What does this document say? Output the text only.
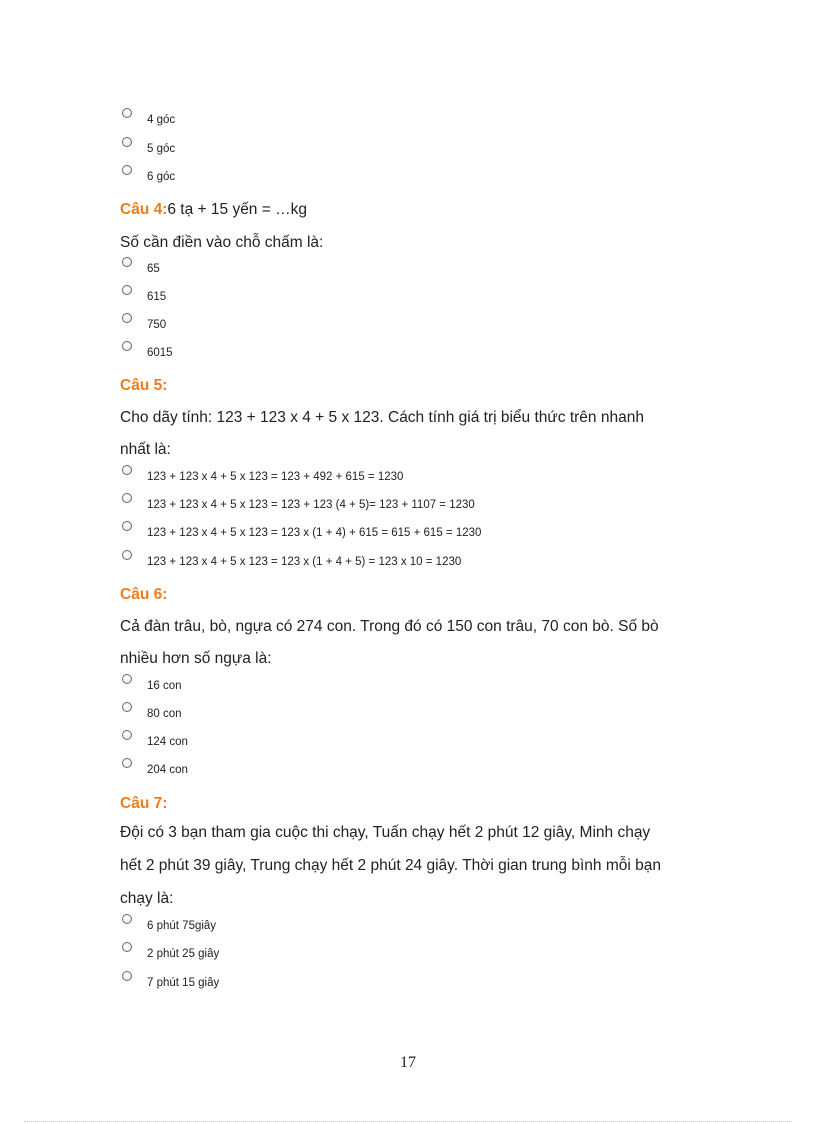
4 góc
5 góc
6 góc
Câu 4:6 tạ + 15 yến = …kg
Số cần điền vào chỗ chấm là:
65
615
750
6015
Câu 5:
Cho dãy tính: 123 + 123 x 4 + 5 x 123. Cách tính giá trị biểu thức trên nhanh
nhất là:
123 + 123 x 4 + 5 x 123 = 123 + 492 + 615 = 1230
123 + 123 x 4 + 5 x 123 = 123 + 123 (4 + 5)= 123 + 1107 = 1230
123 + 123 x 4 + 5 x 123 = 123 x (1 + 4) + 615 = 615 + 615 = 1230
123 + 123 x 4 + 5 x 123 = 123 x (1 + 4 + 5) = 123 x 10 = 1230
Câu 6:
Cả đàn trâu, bò, ngựa có 274 con. Trong đó có 150 con trâu, 70 con bò. Số bò
nhiều hơn số ngựa là:
16 con
80 con
124 con
204 con
Câu 7:
Đội có 3 bạn tham gia cuộc thi chạy, Tuấn chạy hết 2 phút 12 giây, Minh chạy
hết 2 phút 39 giây, Trung chạy hết 2 phút 24 giây. Thời gian trung bình mỗi bạn
chạy là:
6 phút 75giây
2 phút 25 giây
7 phút 15 giây
17
